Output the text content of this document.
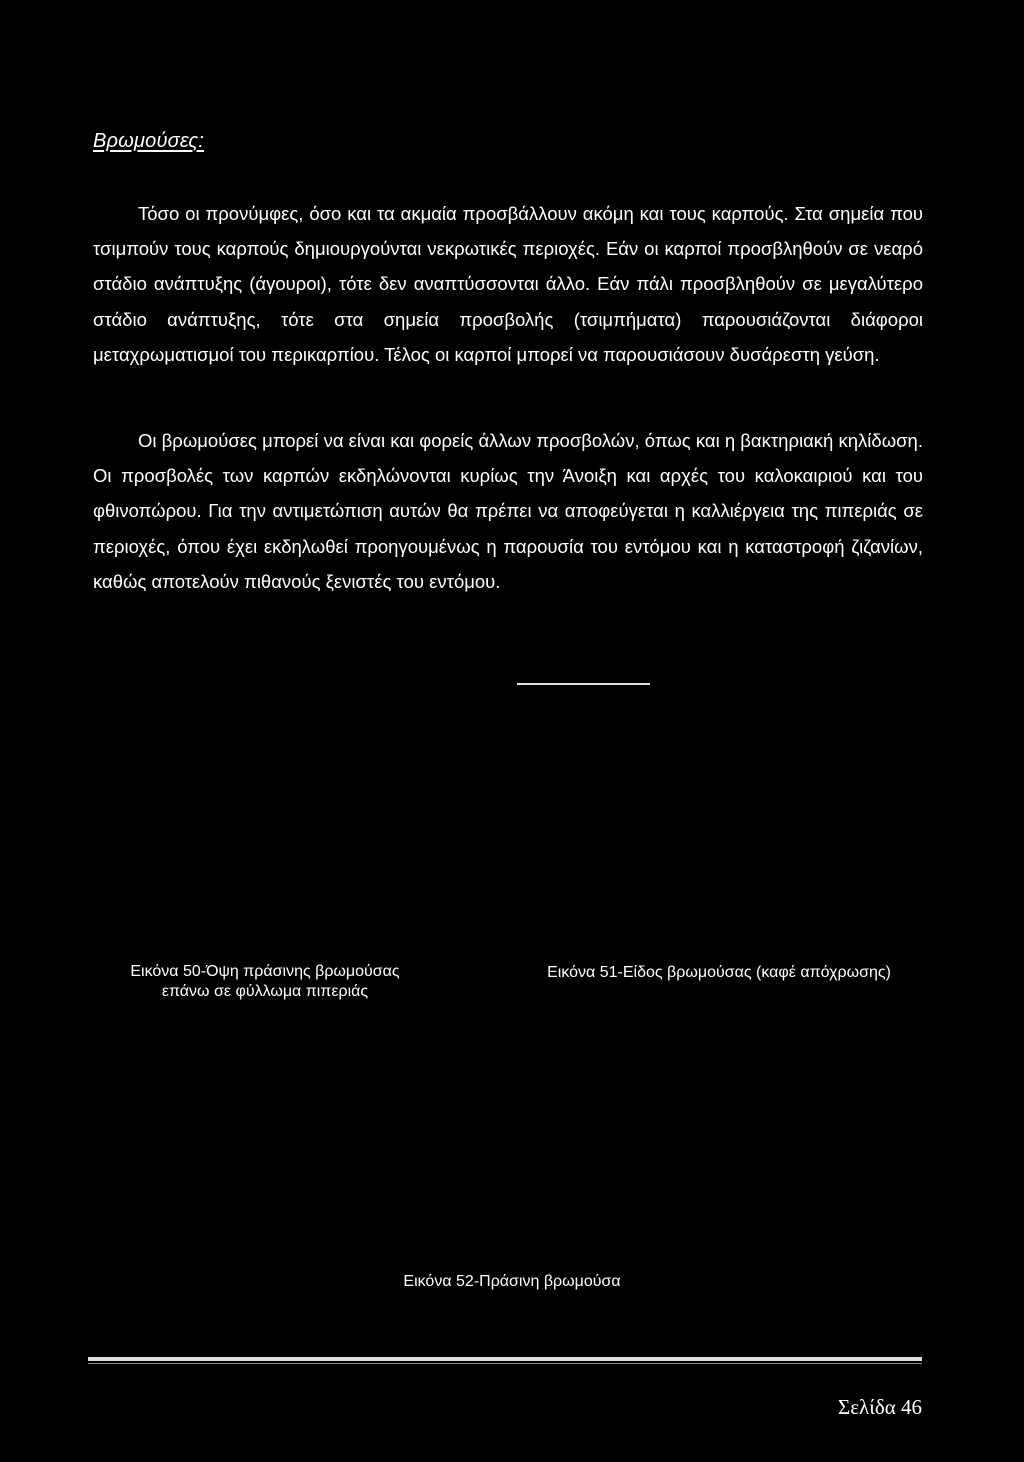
Βρωμούσες:

Τόσο οι προνύμφες, όσο και τα ακμαία προσβάλλουν ακόμη και τους καρπούς. Στα σημεία που τσιμπούν τους καρπούς δημιουργούνται νεκρωτικές περιοχές. Εάν οι καρποί προσβληθούν σε νεαρό στάδιο ανάπτυξης (άγουροι), τότε δεν αναπτύσσονται άλλο. Εάν πάλι προσβληθούν σε μεγαλύτερο στάδιο ανάπτυξης, τότε στα σημεία προσβολής (τσιμπήματα) παρουσιάζονται διάφοροι μεταχρωματισμοί του περικαρπίου. Τέλος οι καρποί μπορεί να παρουσιάσουν δυσάρεστη γεύση.

Οι βρωμούσες μπορεί να είναι και φορείς άλλων προσβολών, όπως και η βακτηριακή κηλίδωση. Οι προσβολές των καρπών εκδηλώνονται κυρίως την Άνοιξη και αρχές του καλοκαιριού και του φθινοπώρου. Για την αντιμετώπιση αυτών θα πρέπει να αποφεύγεται η καλλιέργεια της πιπεριάς σε περιοχές, όπου έχει εκδηλωθεί προηγουμένως η παρουσία του εντόμου και η καταστροφή ζιζανίων, καθώς αποτελούν πιθανούς ξενιστές του εντόμου.

Εικόνα 50-Όψη πράσινης βρωμούσας
επάνω σε φύλλωμα πιπεριάς
Εικόνα 51-Είδος βρωμούσας (καφέ απόχρωσης)
Εικόνα 52-Πράσινη βρωμούσα
Σελίδα 46
